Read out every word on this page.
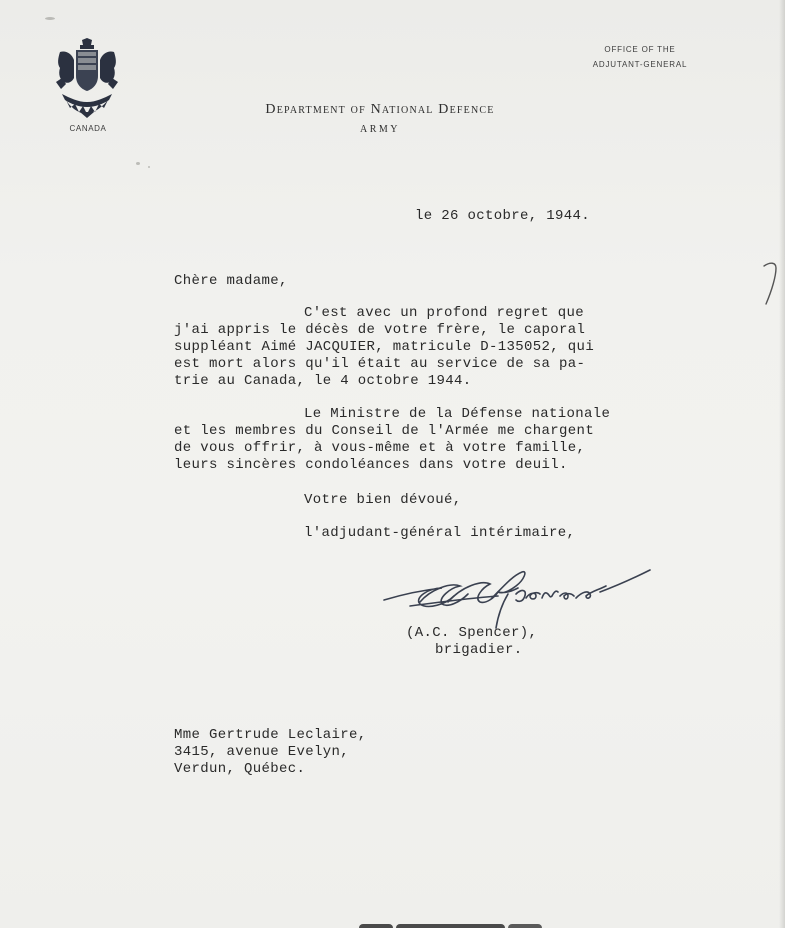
CANADA
OFFICE OF THE
ADJUTANT-GENERAL
Department of National Defence
ARMY
le 26 octobre, 1944.
Chère madame,
C'est avec un profond regret que
j'ai appris le décès de votre frère, le caporal
suppléant Aimé JACQUIER, matricule D-135052, qui
est mort alors qu'il était au service de sa pa-
trie au Canada, le 4 octobre 1944.
Le Ministre de la Défense nationale
et les membres du Conseil de l'Armée me chargent
de vous offrir, à vous-même et à votre famille,
leurs sincères condoléances dans votre deuil.
Votre bien dévoué,
l'adjudant-général intérimaire,
(A.C. Spencer),
brigadier.
Mme Gertrude Leclaire,
3415, avenue Evelyn,
Verdun, Québec.
